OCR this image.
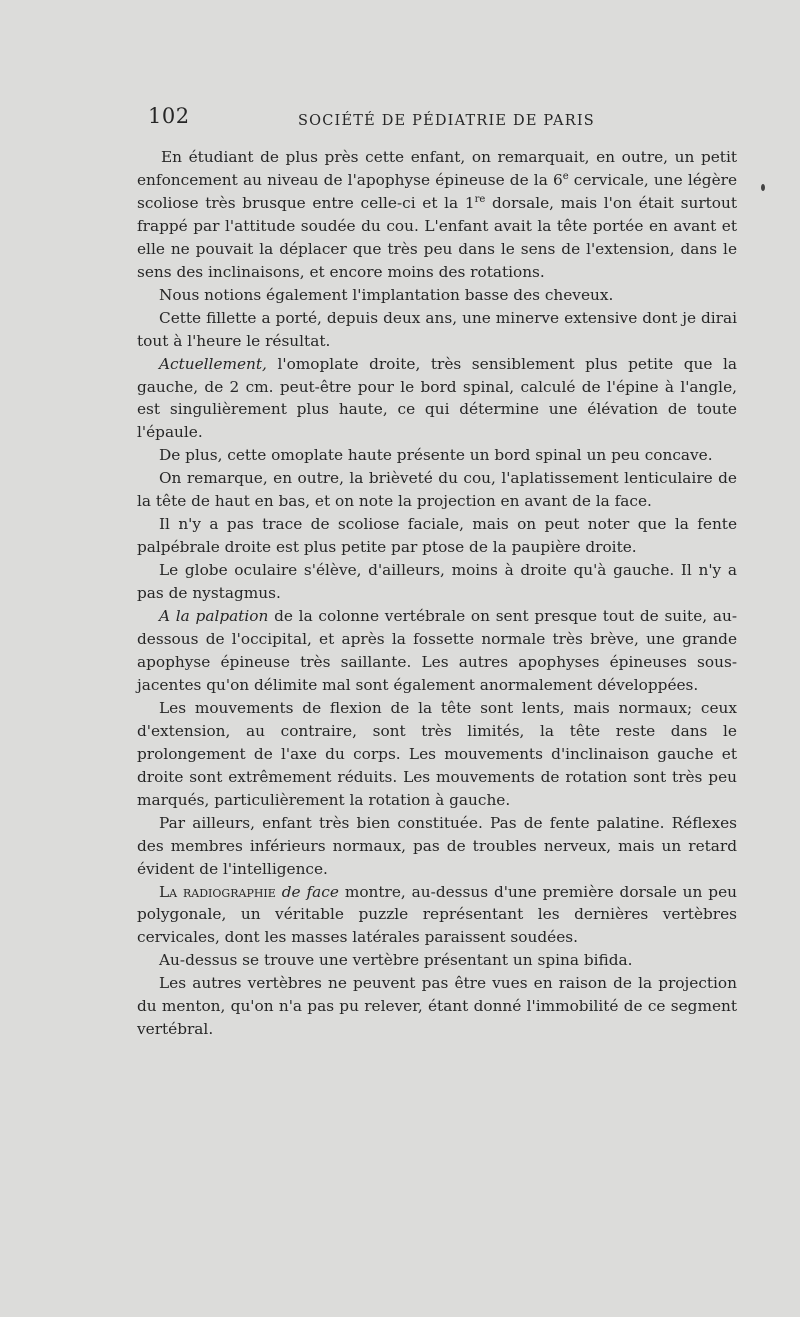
102	SOCIÉTÉ DE PÉDIATRIE DE PARIS

En étudiant de plus près cette enfant, on remarquait, en outre, un petit enfoncement au niveau de l'apophyse épineuse de la 6e cervicale, une légère scoliose très brusque entre celle-ci et la 1re dorsale, mais l'on était surtout frappé par l'attitude soudée du cou. L'enfant avait la tête portée en avant et elle ne pouvait la déplacer que très peu dans le sens de l'extension, dans le sens des inclinaisons, et encore moins des rotations.

Nous notions également l'implantation basse des cheveux.

Cette fillette a porté, depuis deux ans, une minerve extensive dont je dirai tout à l'heure le résultat.

Actuellement, l'omoplate droite, très sensiblement plus petite que la gauche, de 2 cm. peut-être pour le bord spinal, calculé de l'épine à l'angle, est singulièrement plus haute, ce qui détermine une élévation de toute l'épaule.

De plus, cette omoplate haute présente un bord spinal un peu concave.

On remarque, en outre, la brièveté du cou, l'aplatissement lenticulaire de la tête de haut en bas, et on note la projection en avant de la face.

Il n'y a pas trace de scoliose faciale, mais on peut noter que la fente palpébrale droite est plus petite par ptose de la paupière droite.

Le globe oculaire s'élève, d'ailleurs, moins à droite qu'à gauche. Il n'y a pas de nystagmus.

A la palpation de la colonne vertébrale on sent presque tout de suite, au-dessous de l'occipital, et après la fossette normale très brève, une grande apophyse épineuse très saillante. Les autres apophyses épineuses sous-jacentes qu'on délimite mal sont également anormalement développées.

Les mouvements de flexion de la tête sont lents, mais normaux; ceux d'extension, au contraire, sont très limités, la tête reste dans le prolongement de l'axe du corps. Les mouvements d'inclinaison gauche et droite sont extrêmement réduits. Les mouvements de rotation sont très peu marqués, particulièrement la rotation à gauche.

Par ailleurs, enfant très bien constituée. Pas de fente palatine. Réflexes des membres inférieurs normaux, pas de troubles nerveux, mais un retard évident de l'intelligence.

La radiographie de face montre, au-dessus d'une première dorsale un peu polygonale, un véritable puzzle représentant les dernières vertèbres cervicales, dont les masses latérales paraissent soudées.

Au-dessus se trouve une vertèbre présentant un spina bifida.

Les autres vertèbres ne peuvent pas être vues en raison de la projection du menton, qu'on n'a pas pu relever, étant donné l'immobilité de ce segment vertébral.
